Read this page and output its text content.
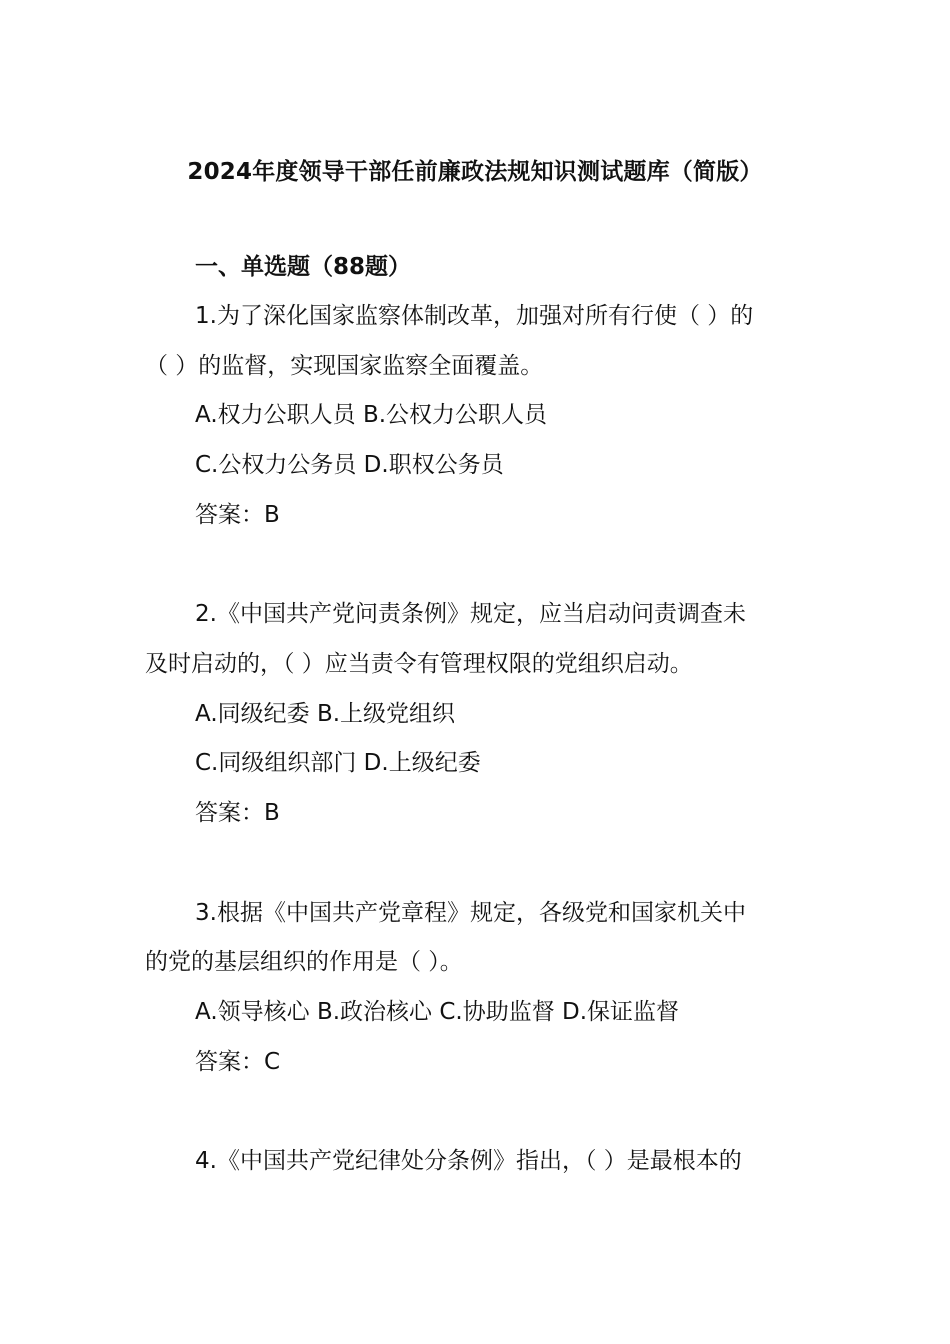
2024年度领导干部任前廉政法规知识测试题库（简版）
一、单选题（88题）
1.为了深化国家监察体制改革，加强对所有行使（ ）的
（ ）的监督，实现国家监察全面覆盖。
A.权力公职人员 B.公权力公职人员
C.公权力公务员 D.职权公务员
答案：B
2.《中国共产党问责条例》规定，应当启动问责调查未
及时启动的，（ ）应当责令有管理权限的党组织启动。
A.同级纪委 B.上级党组织
C.同级组织部门 D.上级纪委
答案：B
3.根据《中国共产党章程》规定，各级党和国家机关中
的党的基层组织的作用是（ ）。
A.领导核心 B.政治核心 C.协助监督 D.保证监督
答案：C
4.《中国共产党纪律处分条例》指出，（ ）是最根本的
